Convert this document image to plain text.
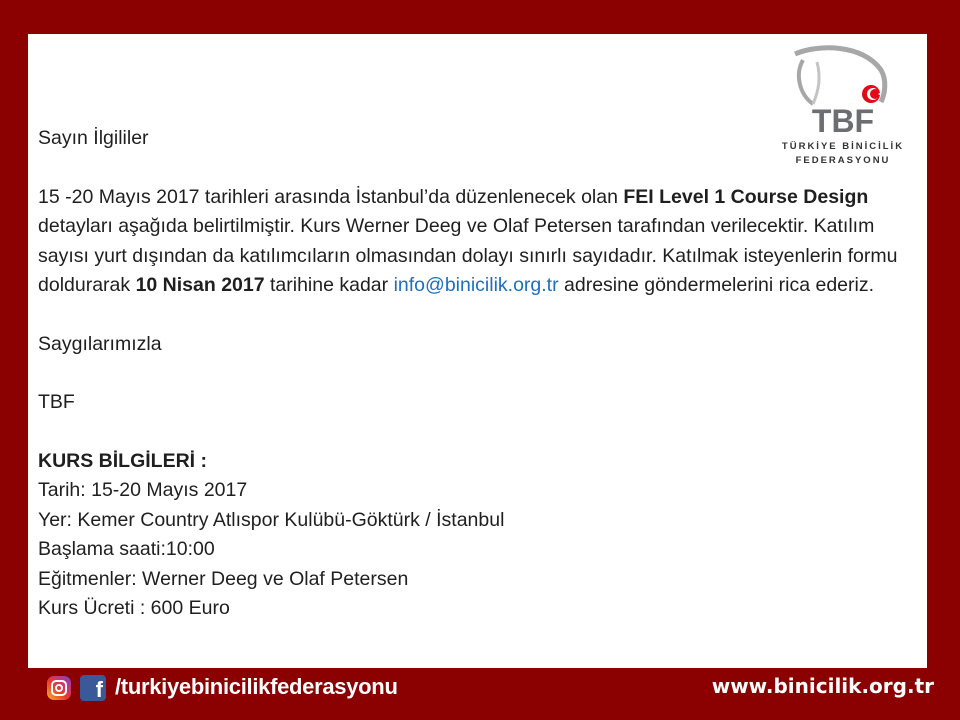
TBF
TÜRKİYE BİNİCİLİK
FEDERASYONU

Sayın İlgililer

15 -20 Mayıs 2017 tarihleri arasında İstanbul’da düzenlenecek olan FEI Level 1 Course Design detayları aşağıda belirtilmiştir. Kurs Werner Deeg ve Olaf Petersen tarafından verilecektir. Katılım sayısı yurt dışından da katılımcıların olmasından dolayı sınırlı sayıdadır. Katılmak isteyenlerin formu doldurarak 10 Nisan 2017 tarihine kadar info@binicilik.org.tr adresine göndermelerini rica ederiz.

Saygılarımızla

TBF

KURS BİLGİLERİ :

Tarih: 15-20 Mayıs 2017

Yer: Kemer Country Atlıspor Kulübü-Göktürk / İstanbul

Başlama saati:10:00

Eğitmenler: Werner Deeg ve Olaf Petersen

Kurs Ücreti : 600 Euro

f /turkiyebinicilikfederasyonu	www.binicilik.org.tr
